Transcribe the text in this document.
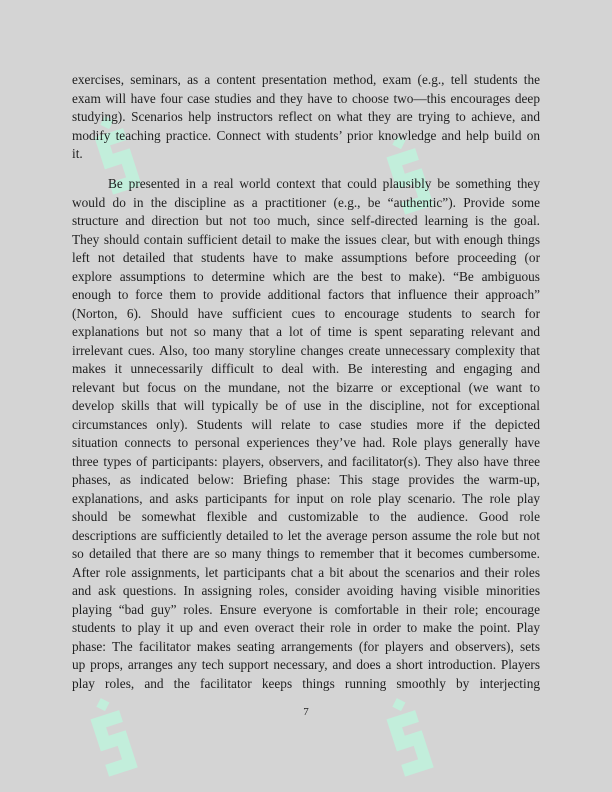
exercises, seminars, as a content presentation method, exam (e.g., tell students the
exam will have four case studies and they have to choose two—this encourages deep
studying). Scenarios help instructors reflect on what they are trying to achieve, and
modify teaching practice. Connect with students’ prior knowledge and help build on
it.
Be presented in a real world context that could plausibly be something they
would do in the discipline as a practitioner (e.g., be “authentic”). Provide some
structure and direction but not too much, since self-directed learning is the goal.
They should contain sufficient detail to make the issues clear, but with enough things
left not detailed that students have to make assumptions before proceeding (or
explore assumptions to determine which are the best to make). “Be ambiguous
enough to force them to provide additional factors that influence their approach”
(Norton, 6). Should have sufficient cues to encourage students to search for
explanations but not so many that a lot of time is spent separating relevant and
irrelevant cues. Also, too many storyline changes create unnecessary complexity that
makes it unnecessarily difficult to deal with. Be interesting and engaging and
relevant but focus on the mundane, not the bizarre or exceptional (we want to
develop skills that will typically be of use in the discipline, not for exceptional
circumstances only). Students will relate to case studies more if the depicted
situation connects to personal experiences they’ve had. Role plays generally have
three types of participants: players, observers, and facilitator(s). They also have three
phases, as indicated below: Briefing phase: This stage provides the warm-up,
explanations, and asks participants for input on role play scenario. The role play
should be somewhat flexible and customizable to the audience. Good role
descriptions are sufficiently detailed to let the average person assume the role but not
so detailed that there are so many things to remember that it becomes cumbersome.
After role assignments, let participants chat a bit about the scenarios and their roles
and ask questions. In assigning roles, consider avoiding having visible minorities
playing “bad guy” roles. Ensure everyone is comfortable in their role; encourage
students to play it up and even overact their role in order to make the point. Play
phase: The facilitator makes seating arrangements (for players and observers), sets
up props, arranges any tech support necessary, and does a short introduction. Players
play roles, and the facilitator keeps things running smoothly by interjecting
7
